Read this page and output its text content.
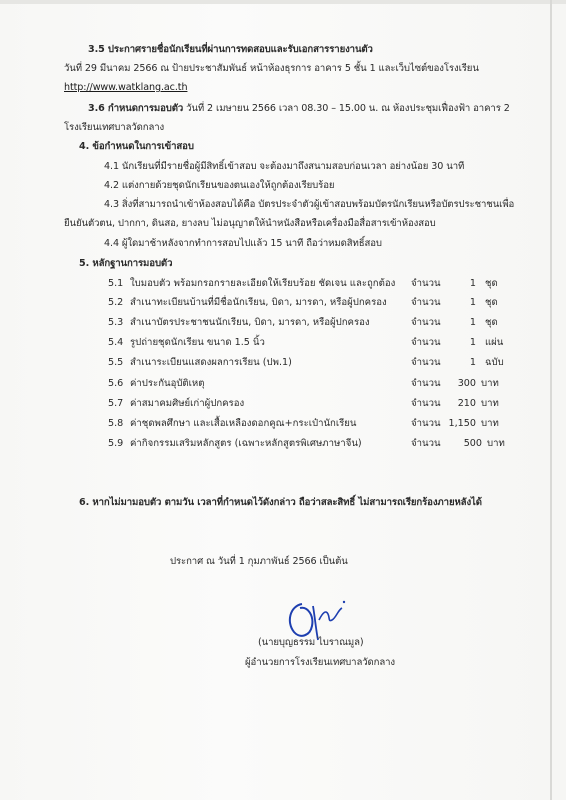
3.5 ประกาศรายชื่อนักเรียนที่ผ่านการทดสอบและรับเอกสารรายงานตัว
วันที่ 29 มีนาคม 2566 ณ ป้ายประชาสัมพันธ์ หน้าห้องธุรการ อาคาร 5 ชั้น 1 และเว็บไซต์ของโรงเรียน
http://www.watklang.ac.th
3.6 กำหนดการมอบตัว วันที่ 2 เมษายน 2566 เวลา 08.30 – 15.00 น. ณ ห้องประชุมเฟื่องฟ้า อาคาร 2
โรงเรียนเทศบาลวัดกลาง
4. ข้อกำหนดในการเข้าสอบ
4.1 นักเรียนที่มีรายชื่อผู้มีสิทธิ์เข้าสอบ จะต้องมาถึงสนามสอบก่อนเวลา อย่างน้อย 30 นาที
4.2 แต่งกายด้วยชุดนักเรียนของตนเองให้ถูกต้องเรียบร้อย
4.3 สิ่งที่สามารถนำเข้าห้องสอบได้คือ บัตรประจำตัวผู้เข้าสอบพร้อมบัตรนักเรียนหรือบัตรประชาชนเพื่อ
ยืนยันตัวตน, ปากกา, ดินสอ, ยางลบ ไม่อนุญาตให้นำหนังสือหรือเครื่องมือสื่อสารเข้าห้องสอบ
4.4 ผู้ใดมาช้าหลังจากทำการสอบไปแล้ว 15 นาที ถือว่าหมดสิทธิ์สอบ
5. หลักฐานการมอบตัว
5.1 ใบมอบตัว พร้อมกรอกรายละเอียดให้เรียบร้อย ชัดเจน และถูกต้อง จำนวน	1 ชุด
5.2 สำเนาทะเบียนบ้านที่มีชื่อนักเรียน, บิดา, มารดา, หรือผู้ปกครอง	จำนวน	1 ชุด
5.3 สำเนาบัตรประชาชนนักเรียน, บิดา, มารดา, หรือผู้ปกครอง	จำนวน	1 ชุด
5.4 รูปถ่ายชุดนักเรียน ขนาด 1.5 นิ้ว	จำนวน	1 แผ่น
5.5 สำเนาระเบียนแสดงผลการเรียน (ปพ.1)	จำนวน	1 ฉบับ
5.6 ค่าประกันอุบัติเหตุ	จำนวน	300 บาท
5.7 ค่าสมาคมศิษย์เก่าผู้ปกครอง	จำนวน	210 บาท
5.8 ค่าชุดพลศึกษา และเสื้อเหลืองดอกคูณ+กระเป๋านักเรียน	จำนวน 1,150 บาท
5.9 ค่ากิจกรรมเสริมหลักสูตร (เฉพาะหลักสูตรพิเศษภาษาจีน)	จำนวน	500 บาท
6. หากไม่มามอบตัว ตามวัน เวลาที่กำหนดไว้ดังกล่าว ถือว่าสละสิทธิ์ ไม่สามารถเรียกร้องภายหลังได้
ประกาศ ณ วันที่ 1 กุมภาพันธ์ 2566 เป็นต้น
(นายบุญธรรม ไบราณมูล)
ผู้อำนวยการโรงเรียนเทศบาลวัดกลาง
